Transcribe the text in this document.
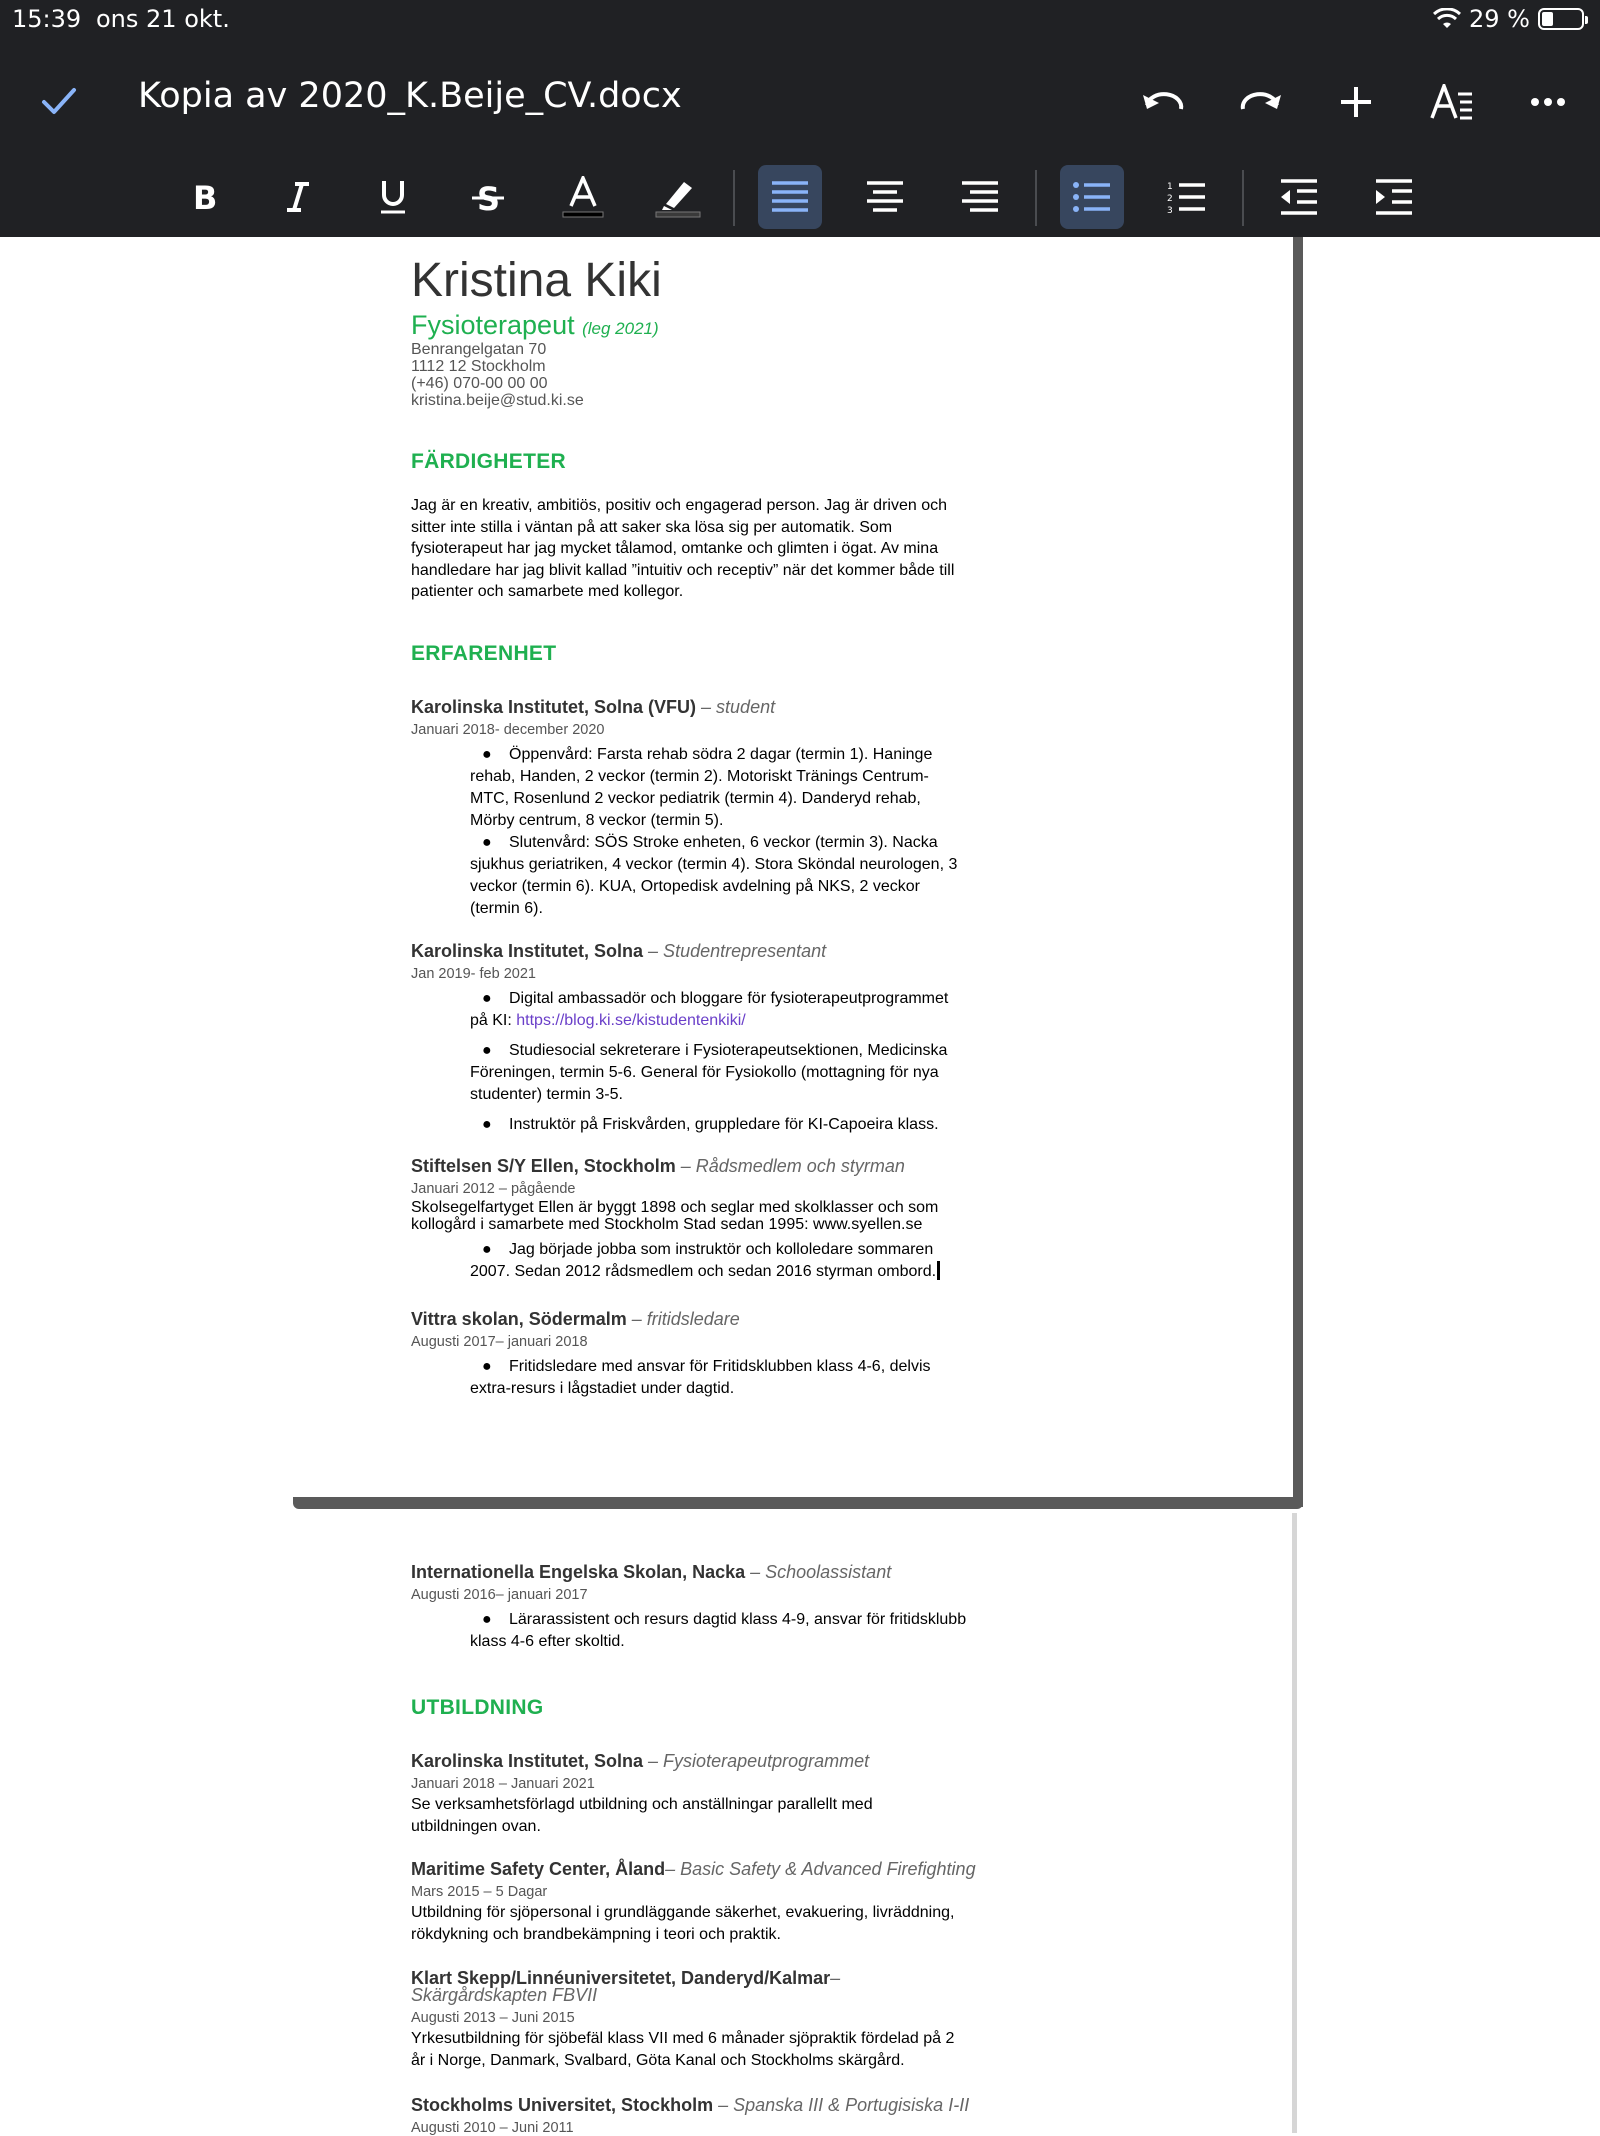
15:39 ons 21 okt.	29 %
Kopia av 2020_K.Beije_CV.docx
B	S	1
2
3
Kristina Kiki
Fysioterapeut (leg 2021)
Benrangelgatan 70
1112 12 Stockholm
(+46) 070-00 00 00
kristina.beije@stud.ki.se
FÄRDIGHETER
Jag är en kreativ, ambitiös, positiv och engagerad person. Jag är driven och
sitter inte stilla i väntan på att saker ska lösa sig per automatik. Som
fysioterapeut har jag mycket tålamod, omtanke och glimten i ögat. Av mina
handledare har jag blivit kallad ”intuitiv och receptiv” när det kommer både till
patienter och samarbete med kollegor.
ERFARENHET
Karolinska Institutet, Solna (VFU) – student
Januari 2018- december 2020
●	Öppenvård: Farsta rehab södra 2 dagar (termin 1). Haninge
rehab, Handen, 2 veckor (termin 2). Motoriskt Tränings Centrum-
MTC, Rosenlund 2 veckor pediatrik (termin 4). Danderyd rehab,
Mörby centrum, 8 veckor (termin 5).
●	Slutenvård: SÖS Stroke enheten, 6 veckor (termin 3). Nacka
sjukhus geriatriken, 4 veckor (termin 4). Stora Sköndal neurologen, 3
veckor (termin 6). KUA, Ortopedisk avdelning på NKS, 2 veckor
(termin 6).
Karolinska Institutet, Solna – Studentrepresentant
Jan 2019- feb 2021
●	Digital ambassadör och bloggare för fysioterapeutprogrammet
på KI: https://blog.ki.se/kistudentenkiki/
●	Studiesocial sekreterare i Fysioterapeutsektionen, Medicinska
Föreningen, termin 5-6. General för Fysiokollo (mottagning för nya
studenter) termin 3-5.
●	Instruktör på Friskvården, gruppledare för KI-Capoeira klass.
Stiftelsen S/Y Ellen, Stockholm – Rådsmedlem och styrman
Januari 2012 – pågående
Skolsegelfartyget Ellen är byggt 1898 och seglar med skolklasser och som
kollogård i samarbete med Stockholm Stad sedan 1995: www.syellen.se
●	Jag började jobba som instruktör och kolloledare sommaren
2007. Sedan 2012 rådsmedlem och sedan 2016 styrman ombord.
Vittra skolan, Södermalm – fritidsledare
Augusti 2017– januari 2018
●	Fritidsledare med ansvar för Fritidsklubben klass 4-6, delvis
extra-resurs i lågstadiet under dagtid.
Internationella Engelska Skolan, Nacka – Schoolassistant
Augusti 2016– januari 2017
●	Lärarassistent och resurs dagtid klass 4-9, ansvar för fritidsklubb
klass 4-6 efter skoltid.
UTBILDNING
Karolinska Institutet, Solna – Fysioterapeutprogrammet
Januari 2018 – Januari 2021
Se verksamhetsförlagd utbildning och anställningar parallellt med
utbildningen ovan.
Maritime Safety Center, Åland– Basic Safety & Advanced Firefighting
Mars 2015 – 5 Dagar
Utbildning för sjöpersonal i grundläggande säkerhet, evakuering, livräddning,
rökdykning och brandbekämpning i teori och praktik.
Klart Skepp/Linnéuniversitetet, Danderyd/Kalmar–
Skärgårdskapten FBVII
Augusti 2013 – Juni 2015
Yrkesutbildning för sjöbefäl klass VII med 6 månader sjöpraktik fördelad på 2
år i Norge, Danmark, Svalbard, Göta Kanal och Stockholms skärgård.
Stockholms Universitet, Stockholm – Spanska III & Portugisiska I-II
Augusti 2010 – Juni 2011
